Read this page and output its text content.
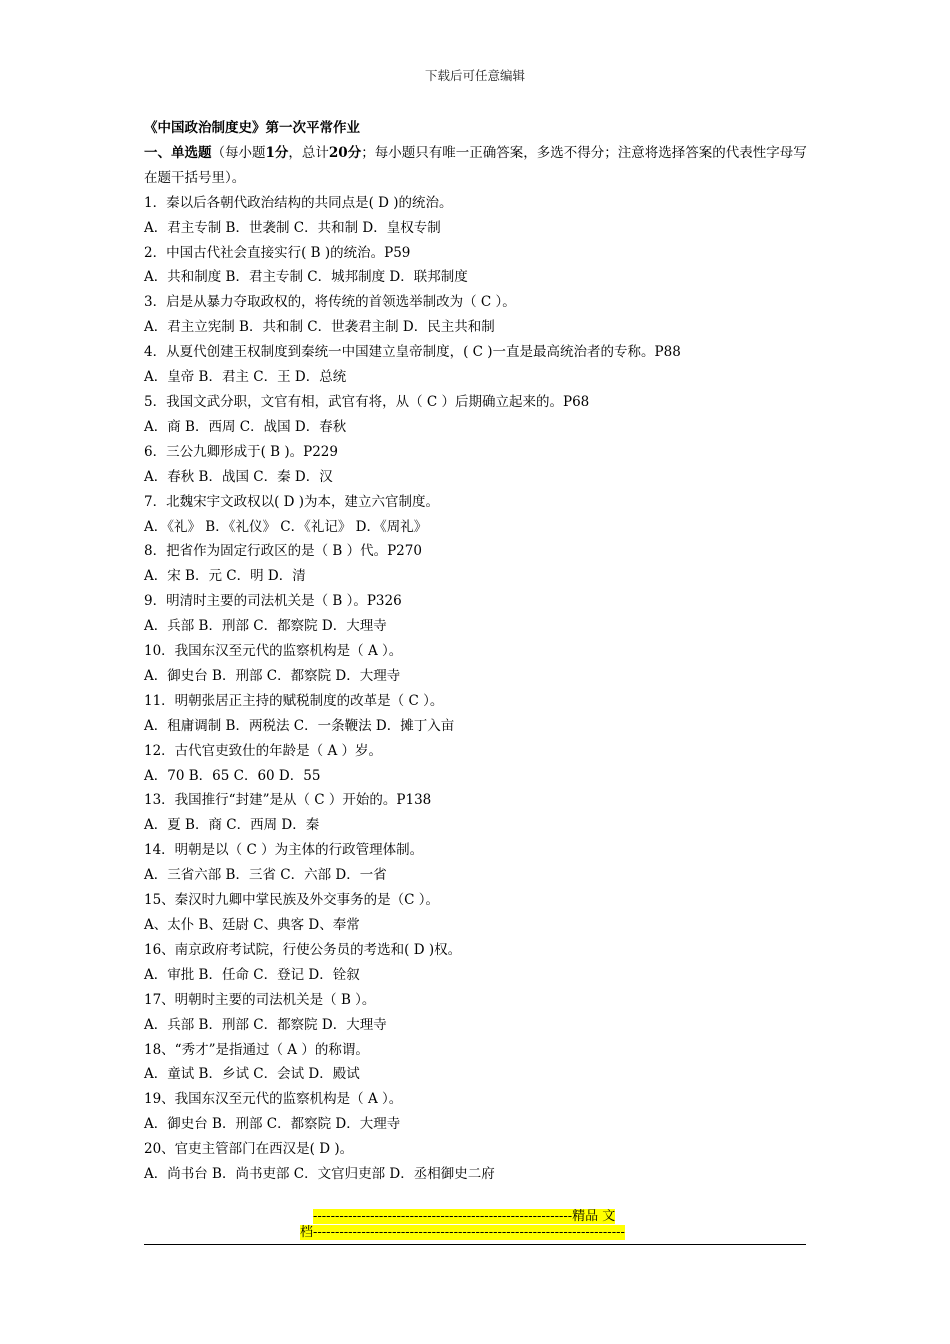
下载后可任意编辑

《中国政治制度史》第一次平常作业

一、单选题（每小题1分，总计20分；每小题只有唯一正确答案，多选不得分；注意将选择答案的代表性字母写在题干括号里）。

1．秦以后各朝代政治结构的共同点是( D )的统治。

A．君主专制 B．世袭制 C．共和制 D．皇权专制

2．中国古代社会直接实行( B )的统治。P59

A．共和制度 B．君主专制 C．城邦制度 D．联邦制度

3．启是从暴力夺取政权的，将传统的首领选举制改为（ C ）。

A．君主立宪制 B．共和制 C．世袭君主制 D．民主共和制

4．从夏代创建王权制度到秦统一中国建立皇帝制度，( C )一直是最高统治者的专称。P88

A．皇帝 B．君主 C．王 D．总统

5．我国文武分职，文官有相，武官有将，从（ C ）后期确立起来的。P68

A．商 B．西周 C．战国 D．春秋

6．三公九卿形成于( B )。P229

A．春秋 B．战国 C．秦 D．汉

7．北魏宋宇文政权以( D )为本，建立六官制度。

A．《礼》 B．《礼仪》 C．《礼记》 D．《周礼》

8．把省作为固定行政区的是（ B ）代。P270

A．宋 B．元 C．明 D．清

9．明清时主要的司法机关是（ B ）。P326

A．兵部 B．刑部 C．都察院 D．大理寺

10．我国东汉至元代的监察机构是（ A ）。

A．御史台 B．刑部 C．都察院 D．大理寺

11．明朝张居正主持的赋税制度的改革是（ C ）。

A．租庸调制 B．两税法 C．一条鞭法 D．摊丁入亩

12．古代官吏致仕的年龄是（ A ）岁。

A．70 B．65 C．60 D．55

13．我国推行“封建”是从（ C ）开始的。P138

A．夏 B．商 C．西周 D．秦

14．明朝是以（ C ）为主体的行政管理体制。

A．三省六部 B．三省 C．六部 D．一省

15、秦汉时九卿中掌民族及外交事务的是（C ）。

A、太仆 B、廷尉 C、典客 D、奉常

16、南京政府考试院，行使公务员的考选和( D )权。

A．审批 B．任命 C．登记 D．铨叙

17、明朝时主要的司法机关是（ B ）。

A．兵部 B．刑部 C．都察院 D．大理寺

18、“秀才”是指通过（ A ）的称谓。

A．童试 B．乡试 C．会试 D．殿试

19、我国东汉至元代的监察机构是（ A ）。

A．御史台 B．刑部 C．都察院 D．大理寺

20、官吏主管部门在西汉是( D )。

A．尚书台 B．尚书吏部 C．文官归吏部 D．丞相御史二府

-----------------------------------------------------------精品 文
档-----------------------------------------------------------------------
